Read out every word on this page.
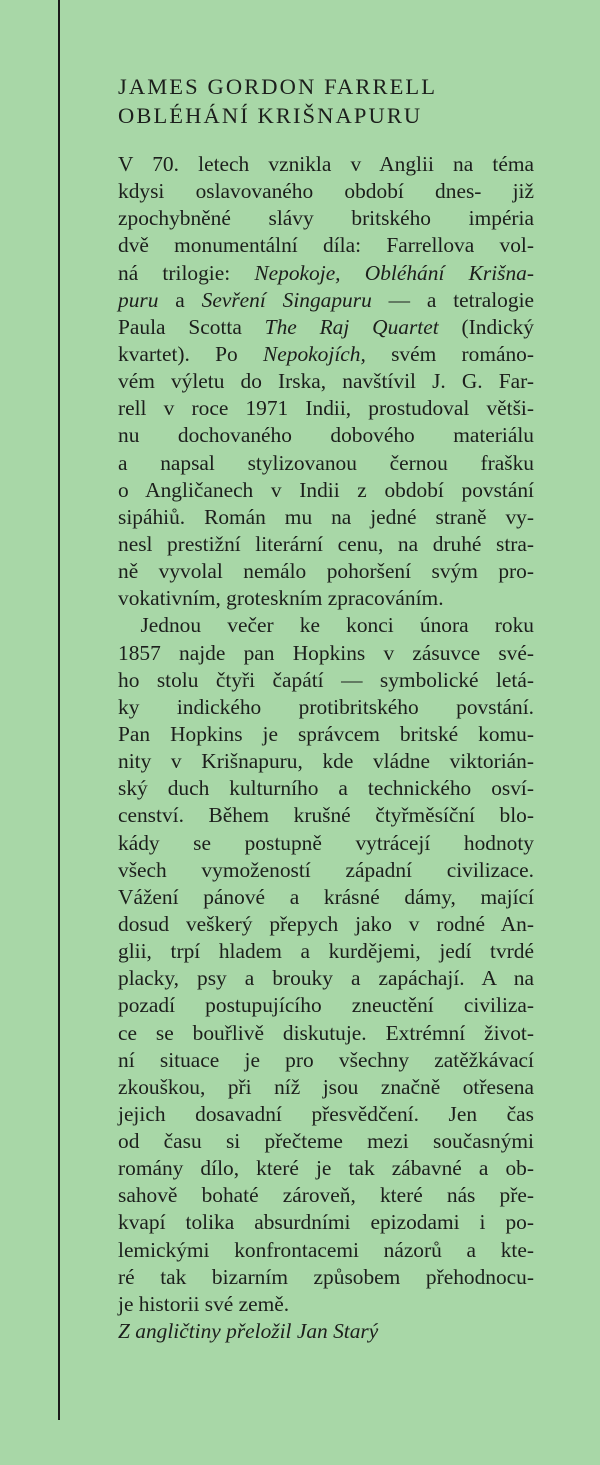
JAMES GORDON FARRELL
OBLÉHÁNÍ KRIŠNAPURU
V 70. letech vznikla v Anglii na téma
kdysi oslavovaného období dnes- již
zpochybněné slávy britského impéria
dvě monumentální díla: Farrellova vol-
ná trilogie: Nepokoje, Obléhání Krišna-
puru a Sevření Singapuru — a tetralogie
Paula Scotta The Raj Quartet (Indický
kvartet). Po Nepokojích, svém románo-
vém výletu do Irska, navštívil J. G. Far-
rell v roce 1971 Indii, prostudoval větši-
nu dochovaného dobového materiálu
a napsal stylizovanou černou frašku
o Angličanech v Indii z období povstání
sipáhiů. Román mu na jedné straně vy-
nesl prestižní literární cenu, na druhé stra-
ně vyvolal nemálo pohoršení svým pro-
vokativním, groteskním zpracováním.
Jednou večer ke konci února roku
1857 najde pan Hopkins v zásuvce své-
ho stolu čtyři čapátí — symbolické letá-
ky indického protibritského povstání.
Pan Hopkins je správcem britské komu-
nity v Krišnapuru, kde vládne viktorián-
ský duch kulturního a technického osví-
cenství. Během krušné čtyřměsíční blo-
kády se postupně vytrácejí hodnoty
všech vymožeností západní civilizace.
Vážení pánové a krásné dámy, mající
dosud veškerý přepych jako v rodné An-
glii, trpí hladem a kurdějemi, jedí tvrdé
placky, psy a brouky a zapáchají. A na
pozadí postupujícího zneuctění civiliza-
ce se bouřlivě diskutuje. Extrémní život-
ní situace je pro všechny zatěžkávací
zkouškou, při níž jsou značně otřesena
jejich dosavadní přesvědčení. Jen čas
od času si přečteme mezi současnými
romány dílo, které je tak zábavné a ob-
sahově bohaté zároveň, které nás pře-
kvapí tolika absurdními epizodami i po-
lemickými konfrontacemi názorů a kte-
ré tak bizarním způsobem přehodnocu-
je historii své země.
Z angličtiny přeložil Jan Starý
